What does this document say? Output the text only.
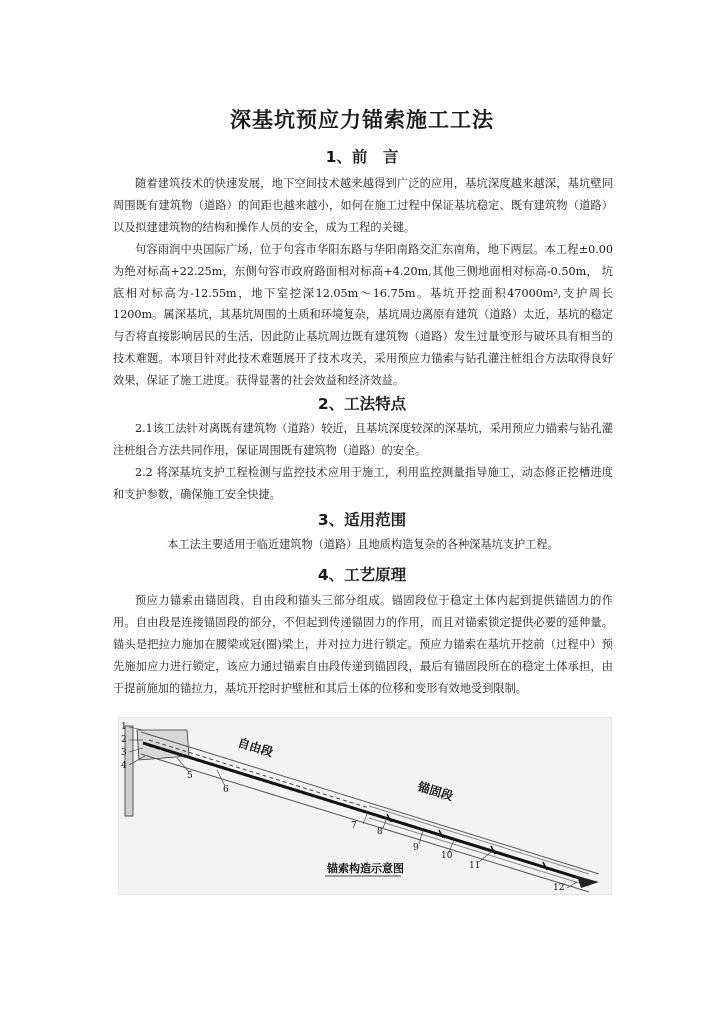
深基坑预应力锚索施工工法
1、前　言
随着建筑技术的快速发展，地下空间技术越来越得到广泛的应用，基坑深度越来越深，基坑壁同周围既有建筑物（道路）的间距也越来越小，如何在施工过程中保证基坑稳定、既有建筑物（道路）以及拟建建筑物的结构和操作人员的安全，成为工程的关键。
句容雨润中央国际广场，位于句容市华阳东路与华阳南路交汇东南角，地下两层。本工程±0.00为绝对标高+22.25m，东侧句容市政府路面相对标高+4.20m,其他三侧地面相对标高-0.50m， 坑底相对标高为-12.55m，地下室挖深12.05m～16.75m。基坑开挖面积47000m²,支护周长1200m。属深基坑，其基坑周围的土质和环境复杂，基坑周边离原有建筑（道路）太近，基坑的稳定与否将直接影响居民的生活，因此防止基坑周边既有建筑物（道路）发生过量变形与破坏具有相当的技术难题。本项目针对此技术难题展开了技术攻关，采用预应力锚索与钻孔灌注桩组合方法取得良好效果，保证了施工进度。获得显著的社会效益和经济效益。
2、工法特点
2.1该工法针对离既有建筑物（道路）较近，且基坑深度较深的深基坑，采用预应力锚索与钻孔灌注桩组合方法共同作用，保证周围既有建筑物（道路）的安全。
2.2 将深基坑支护工程检测与监控技术应用于施工，利用监控测量指导施工，动态修正挖槽进度和支护参数，确保施工安全快捷。
3、适用范围
本工法主要适用于临近建筑物（道路）且地质构造复杂的各种深基坑支护工程。
4、工艺原理
预应力锚索由锚固段、自由段和锚头三部分组成。锚固段位于稳定土体内起到提供锚固力的作用。自由段是连接锚固段的部分，不但起到传递锚固力的作用，而且对锚索锁定提供必要的延伸量。锚头是把拉力施加在腰梁或冠(圈)梁上，并对拉力进行锁定。预应力锚索在基坑开挖前（过程中）预先施加应力进行锁定，该应力通过锚索自由段传递到锚固段，最后有锚固段所在的稳定土体承担，由于提前施加的锚拉力，基坑开挖时护壁桩和其后土体的位移和变形有效地受到限制。
1
2
3
4
5
6
7
8
9
10
11
12
自由段
锚固段
锚索构造示意图
